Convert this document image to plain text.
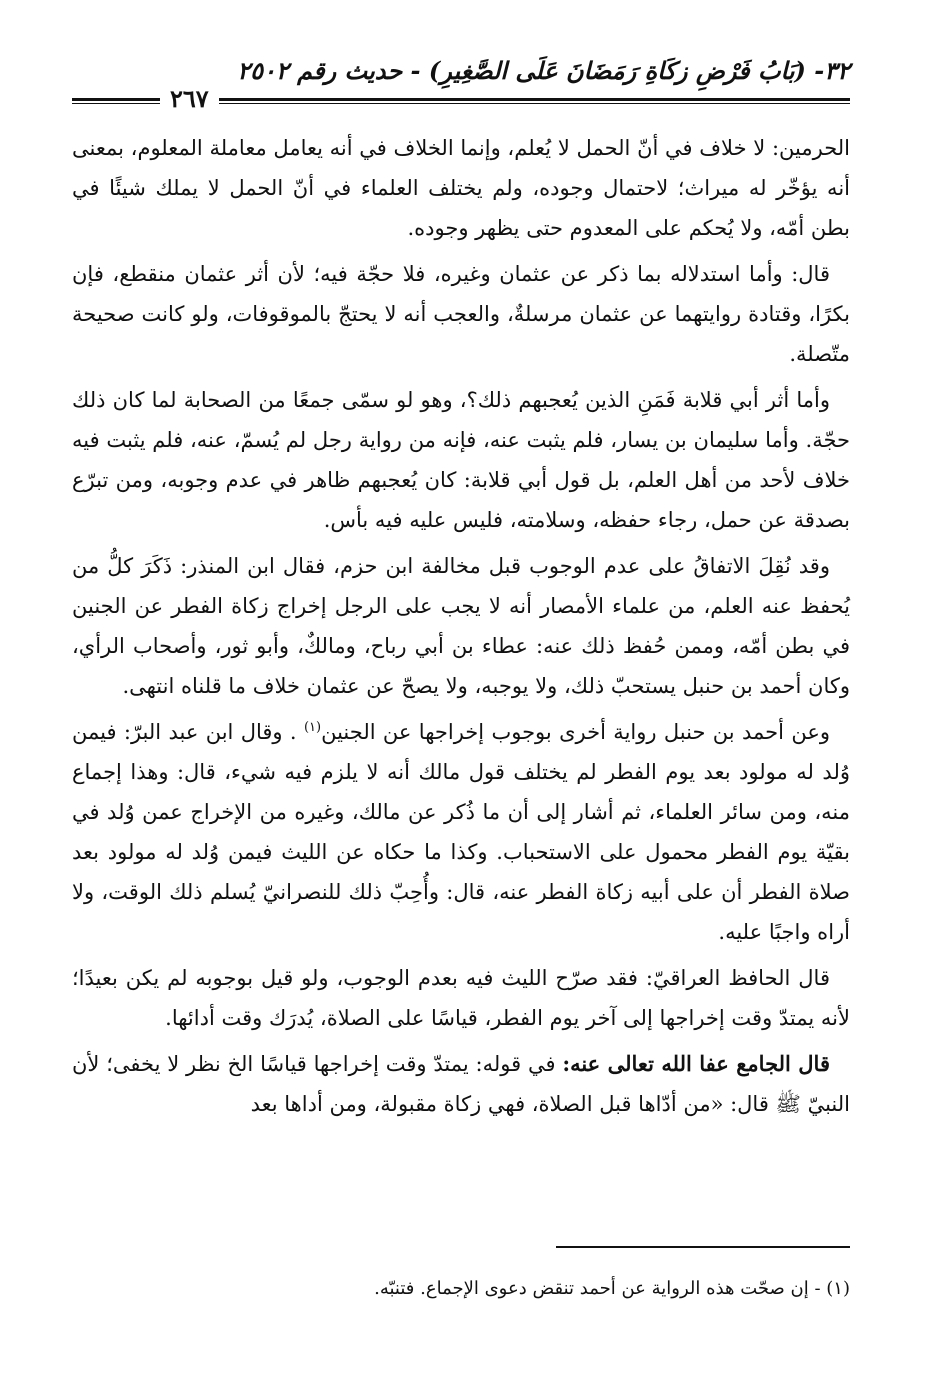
٣٢- (بَابُ فَرْضِ زكَاةِ رَمَضَانَ عَلَى الصَّغِيرِ) - حديث رقم ٢٥٠٢
٢٦٧

الحرمين: لا خلاف في أنّ الحمل لا يُعلم، وإنما الخلاف في أنه يعامل معاملة المعلوم، بمعنى أنه يؤخّر له ميراث؛ لاحتمال وجوده، ولم يختلف العلماء في أنّ الحمل لا يملك شيئًا في بطن أمّه، ولا يُحكم على المعدوم حتى يظهر وجوده.

قال: وأما استدلاله بما ذكر عن عثمان وغيره، فلا حجّة فيه؛ لأن أثر عثمان منقطع، فإن بكرًا، وقتادة روايتهما عن عثمان مرسلةٌ، والعجب أنه لا يحتجّ بالموقوفات، ولو كانت صحيحة متّصلة.

وأما أثر أبي قلابة فَمَنِ الذين يُعجبهم ذلك؟، وهو لو سمّى جمعًا من الصحابة لما كان ذلك حجّة. وأما سليمان بن يسار، فلم يثبت عنه، فإنه من رواية رجل لم يُسمّ، عنه، فلم يثبت فيه خلاف لأحد من أهل العلم، بل قول أبي قلابة: كان يُعجبهم ظاهر في عدم وجوبه، ومن تبرّع بصدقة عن حمل، رجاء حفظه، وسلامته، فليس عليه فيه بأس.

وقد نُقِلَ الاتفاقُ على عدم الوجوب قبل مخالفة ابن حزم، فقال ابن المنذر: ذَكَرَ كلُّ من يُحفظ عنه العلم، من علماء الأمصار أنه لا يجب على الرجل إخراج زكاة الفطر عن الجنين في بطن أمّه، وممن حُفظ ذلك عنه: عطاء بن أبي رباح، ومالكٌ، وأبو ثور، وأصحاب الرأي، وكان أحمد بن حنبل يستحبّ ذلك، ولا يوجبه، ولا يصحّ عن عثمان خلاف ما قلناه انتهى.

وعن أحمد بن حنبل رواية أخرى بوجوب إخراجها عن الجنين$^{(١)}$ . وقال ابن عبد البرّ: فيمن وُلد له مولود بعد يوم الفطر لم يختلف قول مالك أنه لا يلزم فيه شيء، قال: وهذا إجماع منه، ومن سائر العلماء، ثم أشار إلى أن ما ذُكر عن مالك، وغيره من الإخراج عمن وُلد في بقيّة يوم الفطر محمول على الاستحباب. وكذا ما حكاه عن الليث فيمن وُلد له مولود بعد صلاة الفطر أن على أبيه زكاة الفطر عنه، قال: وأُحِبّ ذلك للنصرانيّ يُسلم ذلك الوقت، ولا أراه واجبًا عليه.

قال الحافظ العراقيّ: فقد صرّح الليث فيه بعدم الوجوب، ولو قيل بوجوبه لم يكن بعيدًا؛ لأنه يمتدّ وقت إخراجها إلى آخر يوم الفطر، قياسًا على الصلاة، يُدرَك وقت أدائها.

قال الجامع عفا الله تعالى عنه: في قوله: يمتدّ وقت إخراجها قياسًا الخ نظر لا يخفى؛ لأن النبيّ ﷺ قال: «من أدّاها قبل الصلاة، فهي زكاة مقبولة، ومن أداها بعد

(١) - إن صحّت هذه الرواية عن أحمد تنقض دعوى الإجماع. فتنبّه.
